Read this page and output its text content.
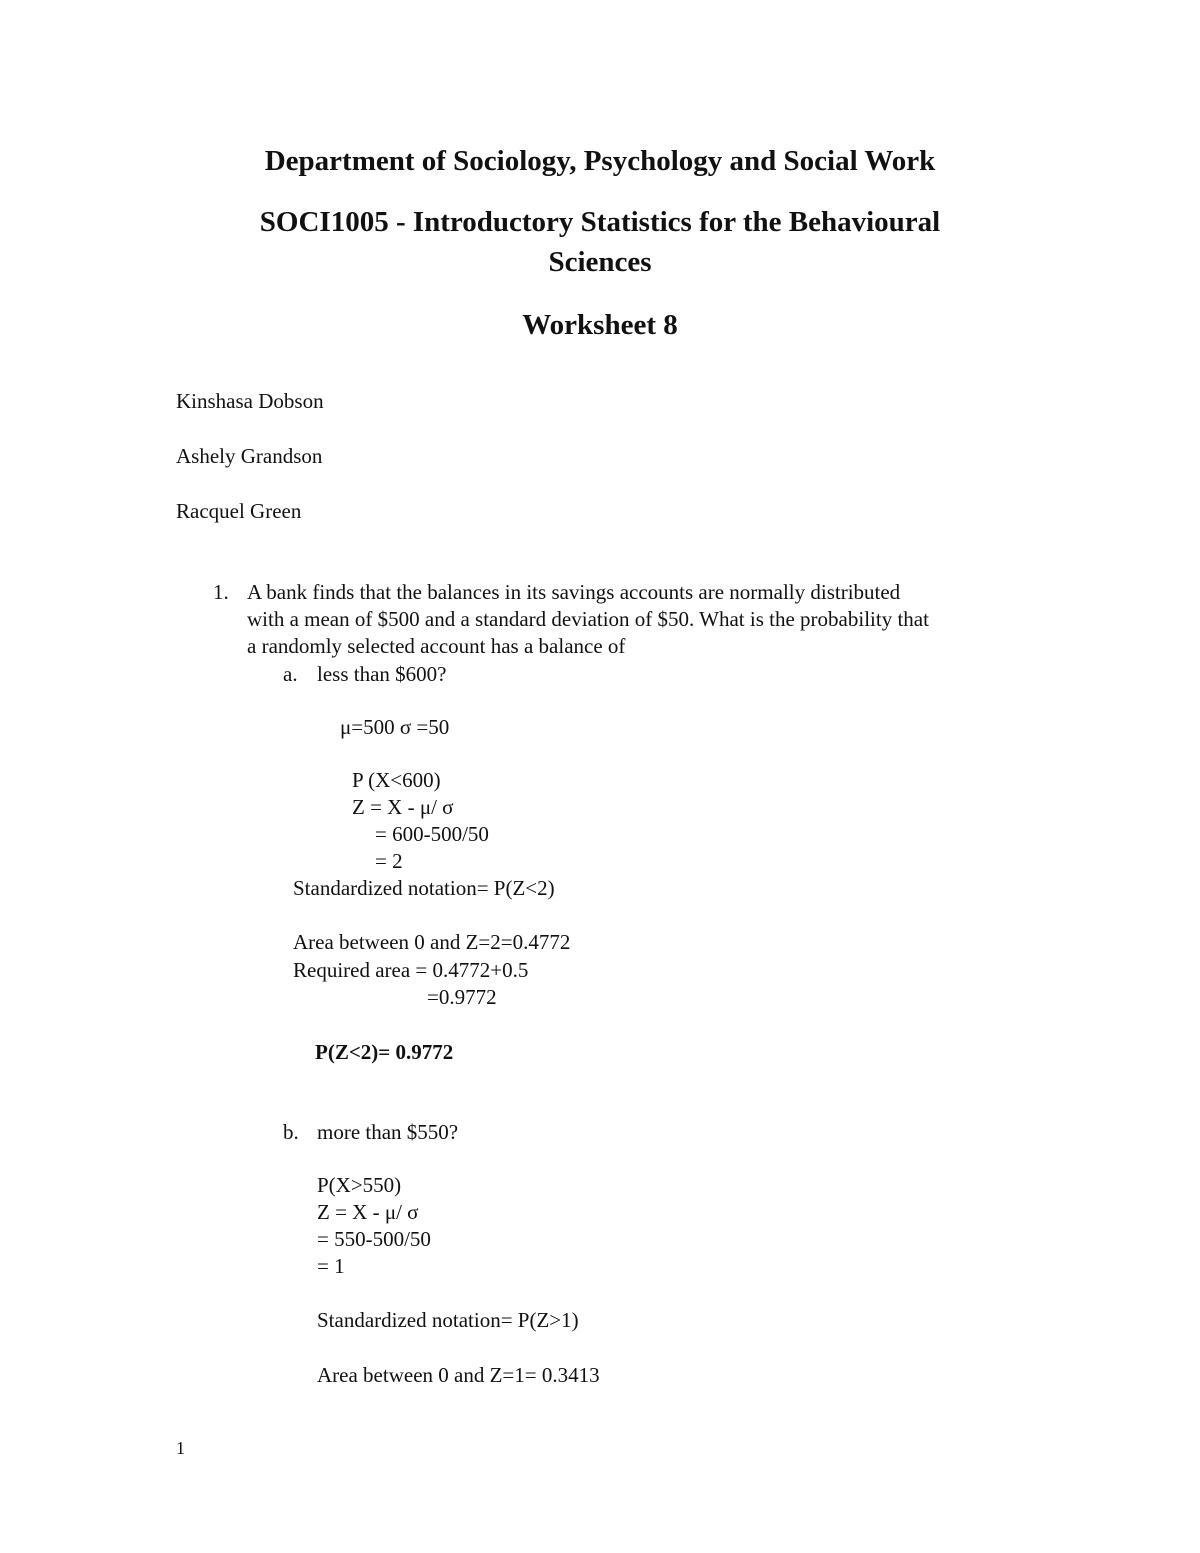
Department of Sociology, Psychology and Social Work
SOCI1005 - Introductory Statistics for the Behavioural
Sciences
Worksheet 8
Kinshasa Dobson
Ashely Grandson
Racquel Green
1. A bank finds that the balances in its savings accounts are normally distributed
with a mean of $500 and a standard deviation of $50. What is the probability that
a randomly selected account has a balance of
a. less than $600?
μ=500 σ =50
P (X<600)
Z = X - μ/ σ
= 600-500/50
= 2
Standardized notation= P(Z<2)
Area between 0 and Z=2=0.4772
Required area = 0.4772+0.5
=0.9772
P(Z<2)= 0.9772
b. more than $550?
P(X>550)
Z = X - μ/ σ
= 550-500/50
= 1
Standardized notation= P(Z>1)
Area between 0 and Z=1= 0.3413
1
